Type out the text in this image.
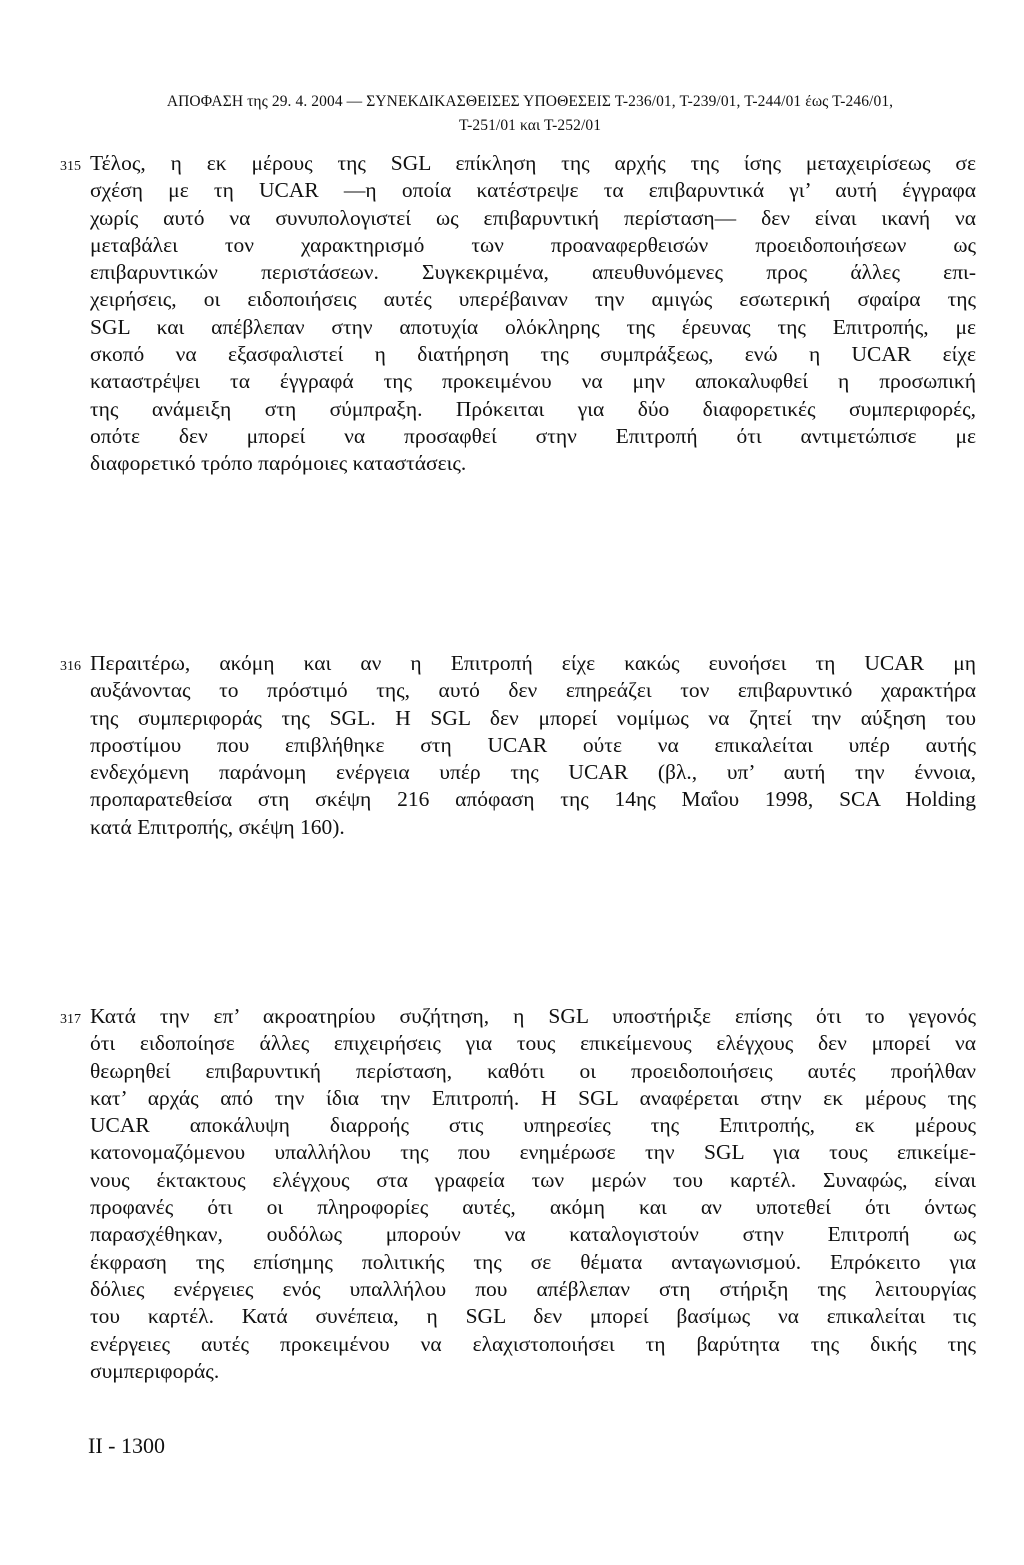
ΑΠΟΦΑΣΗ της 29. 4. 2004 — ΣΥΝΕΚΔΙΚΑΣΘΕΙΣΕΣ ΥΠΟΘΕΣΕΙΣ Τ-236/01, Τ-239/01, Τ-244/01 έως Τ-246/01,
Τ-251/01 και Τ-252/01
315 Τέλος, η εκ μέρους της SGL επίκληση της αρχής της ίσης μεταχειρίσεως σε
σχέση με τη UCAR —η οποία κατέστρεψε τα επιβαρυντικά γι’ αυτή έγγραφα
χωρίς αυτό να συνυπολογιστεί ως επιβαρυντική περίσταση— δεν είναι ικανή να
μεταβάλει τον χαρακτηρισμό των προαναφερθεισών προειδοποιήσεων ως
επιβαρυντικών περιστάσεων. Συγκεκριμένα, απευθυνόμενες προς άλλες επι-
χειρήσεις, οι ειδοποιήσεις αυτές υπερέβαιναν την αμιγώς εσωτερική σφαίρα της
SGL και απέβλεπαν στην αποτυχία ολόκληρης της έρευνας της Επιτροπής, με
σκοπό να εξασφαλιστεί η διατήρηση της συμπράξεως, ενώ η UCAR είχε
καταστρέψει τα έγγραφά της προκειμένου να μην αποκαλυφθεί η προσωπική
της ανάμειξη στη σύμπραξη. Πρόκειται για δύο διαφορετικές συμπεριφορές,
οπότε δεν μπορεί να προσαφθεί στην Επιτροπή ότι αντιμετώπισε με
διαφορετικό τρόπο παρόμοιες καταστάσεις.
316 Περαιτέρω, ακόμη και αν η Επιτροπή είχε κακώς ευνοήσει τη UCAR μη
αυξάνοντας το πρόστιμό της, αυτό δεν επηρεάζει τον επιβαρυντικό χαρακτήρα
της συμπεριφοράς της SGL. Η SGL δεν μπορεί νομίμως να ζητεί την αύξηση του
προστίμου που επιβλήθηκε στη UCAR ούτε να επικαλείται υπέρ αυτής
ενδεχόμενη παράνομη ενέργεια υπέρ της UCAR (βλ., υπ’ αυτή την έννοια,
προπαρατεθείσα στη σκέψη 216 απόφαση της 14ης Μαΐου 1998, SCA Holding
κατά Επιτροπής, σκέψη 160).
317 Κατά την επ’ ακροατηρίου συζήτηση, η SGL υποστήριξε επίσης ότι το γεγονός
ότι ειδοποίησε άλλες επιχειρήσεις για τους επικείμενους ελέγχους δεν μπορεί να
θεωρηθεί επιβαρυντική περίσταση, καθότι οι προειδοποιήσεις αυτές προήλθαν
κατ’ αρχάς από την ίδια την Επιτροπή. Η SGL αναφέρεται στην εκ μέρους της
UCAR αποκάλυψη διαρροής στις υπηρεσίες της Επιτροπής, εκ μέρους
κατονομαζόμενου υπαλλήλου της που ενημέρωσε την SGL για τους επικείμε-
νους έκτακτους ελέγχους στα γραφεία των μερών του καρτέλ. Συναφώς, είναι
προφανές ότι οι πληροφορίες αυτές, ακόμη και αν υποτεθεί ότι όντως
παρασχέθηκαν, ουδόλως μπορούν να καταλογιστούν στην Επιτροπή ως
έκφραση της επίσημης πολιτικής της σε θέματα ανταγωνισμού. Επρόκειτο για
δόλιες ενέργειες ενός υπαλλήλου που απέβλεπαν στη στήριξη της λειτουργίας
του καρτέλ. Κατά συνέπεια, η SGL δεν μπορεί βασίμως να επικαλείται τις
ενέργειες αυτές προκειμένου να ελαχιστοποιήσει τη βαρύτητα της δικής της
συμπεριφοράς.
II - 1300
